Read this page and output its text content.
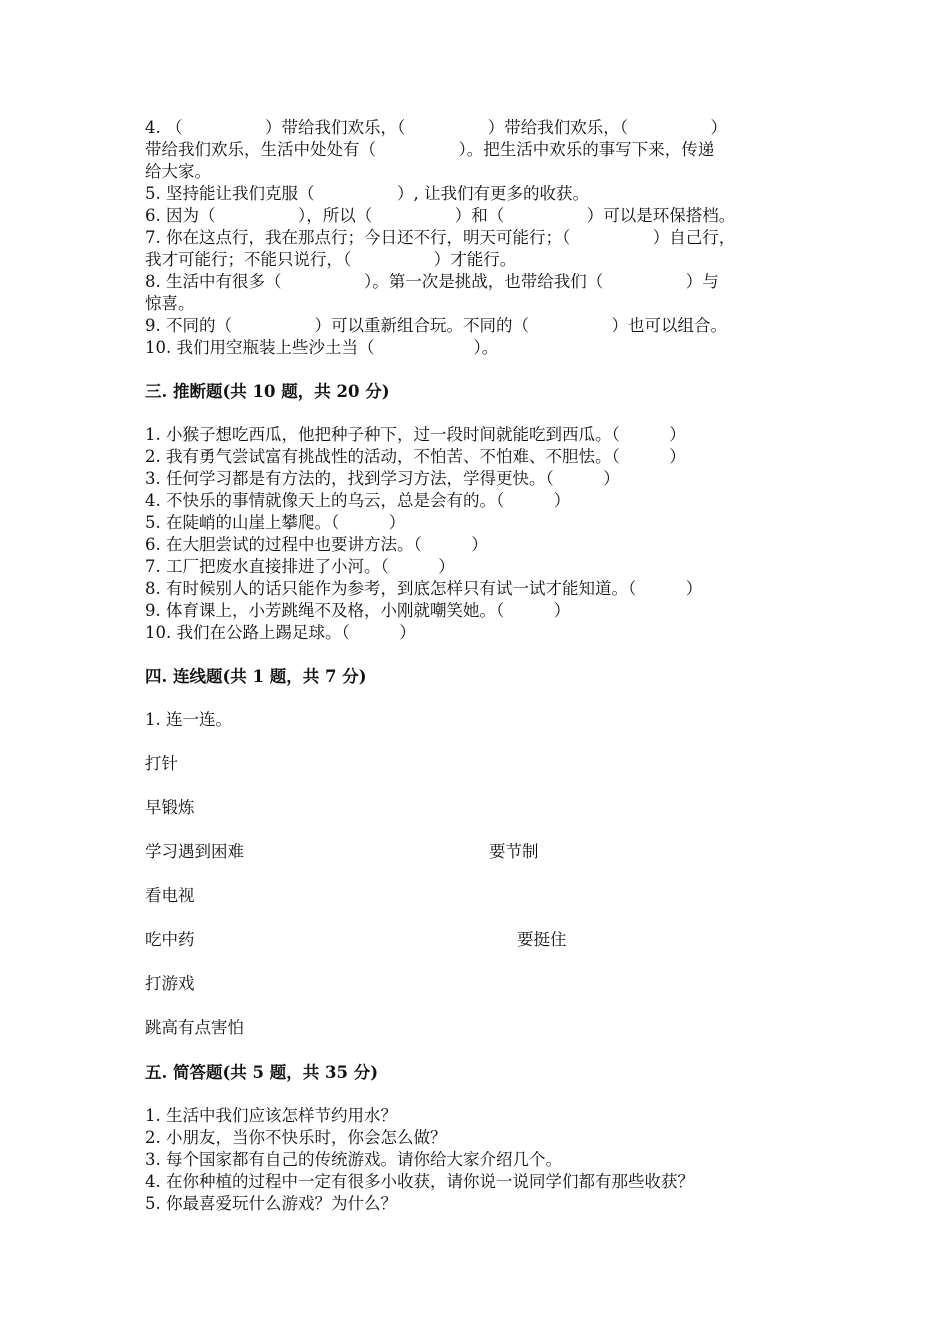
4. （　　　　　）带给我们欢乐，（　　　　　）带给我们欢乐，（　　　　　）
带给我们欢乐，生活中处处有（　　　　　）。把生活中欢乐的事写下来，传递
给大家。
5. 坚持能让我们克服（　　　　　）, 让我们有更多的收获。
6. 因为（　　　　　），所以（　　　　　）和（　　　　　）可以是环保搭档。
7. 你在这点行，我在那点行；今日还不行，明天可能行；（　　　　　）自己行，
我才可能行；不能只说行，（　　　　　）才能行。
8. 生活中有很多（　　　　　）。第一次是挑战，也带给我们（　　　　　）与
惊喜。
9. 不同的（　　　　　）可以重新组合玩。不同的（　　　　　）也可以组合。
10. 我们用空瓶装上些沙土当（　　　　　　）。
三. 推断题(共 10 题，共 20 分)
1. 小猴子想吃西瓜，他把种子种下，过一段时间就能吃到西瓜。（　　　）
2. 我有勇气尝试富有挑战性的活动，不怕苦、不怕难、不胆怯。（　　　）
3. 任何学习都是有方法的，找到学习方法，学得更快。（　　　）
4. 不快乐的事情就像天上的乌云，总是会有的。（　　　）
5. 在陡峭的山崖上攀爬。（　　　）
6. 在大胆尝试的过程中也要讲方法。（　　　）
7. 工厂把废水直接排进了小河。（　　　）
8. 有时候别人的话只能作为参考，到底怎样只有试一试才能知道。（　　　）
9. 体育课上，小芳跳绳不及格，小刚就嘲笑她。（　　　）
10. 我们在公路上踢足球。（　　　）
四. 连线题(共 1 题，共 7 分)
1. 连一连。
打针
早锻炼
学习遇到困难	要节制
看电视
吃中药	要挺住
打游戏
跳高有点害怕
五. 简答题(共 5 题，共 35 分)
1. 生活中我们应该怎样节约用水？
2. 小朋友，当你不快乐时，你会怎么做？
3. 每个国家都有自己的传统游戏。请你给大家介绍几个。
4. 在你种植的过程中一定有很多小收获，请你说一说同学们都有那些收获？
5. 你最喜爱玩什么游戏？为什么？
